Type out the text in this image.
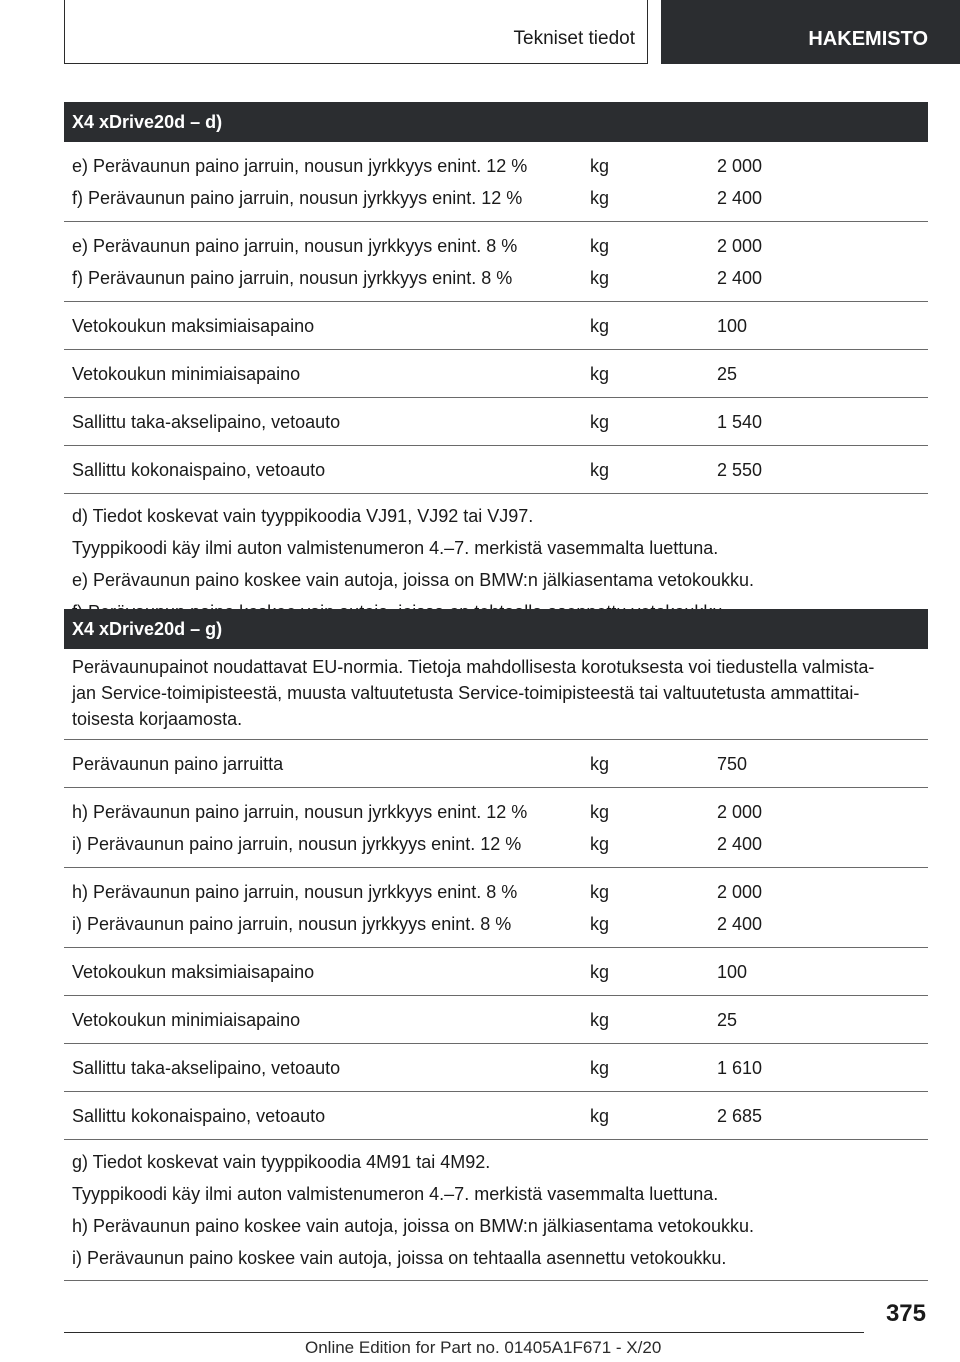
Tekniset tiedot	HAKEMISTO
X4 xDrive20d – d)
e) Perävaunun paino jarruin, nousun jyrkkyys enint. 12 %	kg	2 000
f) Perävaunun paino jarruin, nousun jyrkkyys enint. 12 %	kg	2 400
e) Perävaunun paino jarruin, nousun jyrkkyys enint. 8 %	kg	2 000
f) Perävaunun paino jarruin, nousun jyrkkyys enint. 8 %	kg	2 400
Vetokoukun maksimiaisapaino	kg	100
Vetokoukun minimiaisapaino	kg	25
Sallittu taka-akselipaino, vetoauto	kg	1 540
Sallittu kokonaispaino, vetoauto	kg	2 550

d) Tiedot koskevat vain tyyppikoodia VJ91, VJ92 tai VJ97.

Tyyppikoodi käy ilmi auton valmistenumeron 4.–7. merkistä vasemmalta luettuna.

e) Perävaunun paino koskee vain autoja, joissa on BMW:n jälkiasentama vetokoukku.

X4 xDrive20d – g)

Perävaunupainot noudattavat EU-normia. Tietoja mahdollisesta korotuksesta voi tiedustella valmista‐

jan Service-toimipisteestä, muusta valtuutetusta Service-toimipisteestä tai valtuutetusta ammattitai‐

toisesta korjaamosta.

Perävaunun paino jarruitta	kg	750
h) Perävaunun paino jarruin, nousun jyrkkyys enint. 12 %	kg	2 000
i) Perävaunun paino jarruin, nousun jyrkkyys enint. 12 %	kg	2 400
h) Perävaunun paino jarruin, nousun jyrkkyys enint. 8 %	kg	2 000
i) Perävaunun paino jarruin, nousun jyrkkyys enint. 8 %	kg	2 400
Vetokoukun maksimiaisapaino	kg	100
Vetokoukun minimiaisapaino	kg	25
Sallittu taka-akselipaino, vetoauto	kg	1 610
Sallittu kokonaispaino, vetoauto	kg	2 685

g) Tiedot koskevat vain tyyppikoodia 4M91 tai 4M92.

Tyyppikoodi käy ilmi auton valmistenumeron 4.–7. merkistä vasemmalta luettuna.

h) Perävaunun paino koskee vain autoja, joissa on BMW:n jälkiasentama vetokoukku.

i) Perävaunun paino koskee vain autoja, joissa on tehtaalla asennettu vetokoukku.

375
Online Edition for Part no. 01405A1F671 - X/20
